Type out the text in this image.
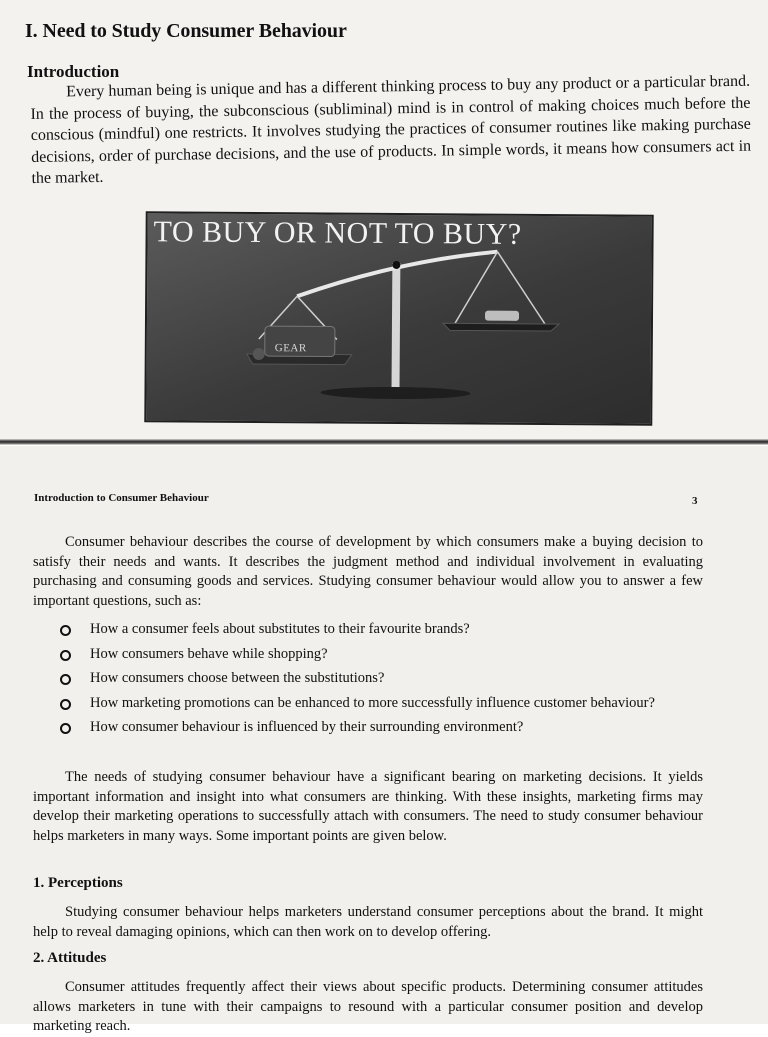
I. Need to Study Consumer Behaviour
Introduction

Every human being is unique and has a different thinking process to buy any product or a particular brand. In the process of buying, the subconscious (subliminal) mind is in control of making choices much before the conscious (mindful) one restricts. It involves studying the practices of consumer routines like making purchase decisions, order of purchase decisions, and the use of products. In simple words, it means how consumers act in the market.

TO BUY OR NOT TO BUY?

GEAR

Introduction to Consumer Behaviour	3

Consumer behaviour describes the course of development by which consumers make a buying decision to satisfy their needs and wants. It describes the judgment method and individual involvement in evaluating purchasing and consuming goods and services. Studying consumer behaviour would allow you to answer a few important questions, such as:

How a consumer feels about substitutes to their favourite brands?
How consumers behave while shopping?
How consumers choose between the substitutions?
How marketing promotions can be enhanced to more successfully influence customer behaviour?
How consumer behaviour is influenced by their surrounding environment?

The needs of studying consumer behaviour have a significant bearing on marketing decisions. It yields important information and insight into what consumers are thinking. With these insights, marketing firms may develop their marketing operations to successfully attach with consumers. The need to study consumer behaviour helps marketers in many ways. Some important points are given below.

1. Perceptions

Studying consumer behaviour helps marketers understand consumer perceptions about the brand. It might help to reveal damaging opinions, which can then work on to develop offering.

2. Attitudes

Consumer attitudes frequently affect their views about specific products. Determining consumer attitudes allows marketers in tune with their campaigns to resound with a particular consumer position and develop marketing reach.
